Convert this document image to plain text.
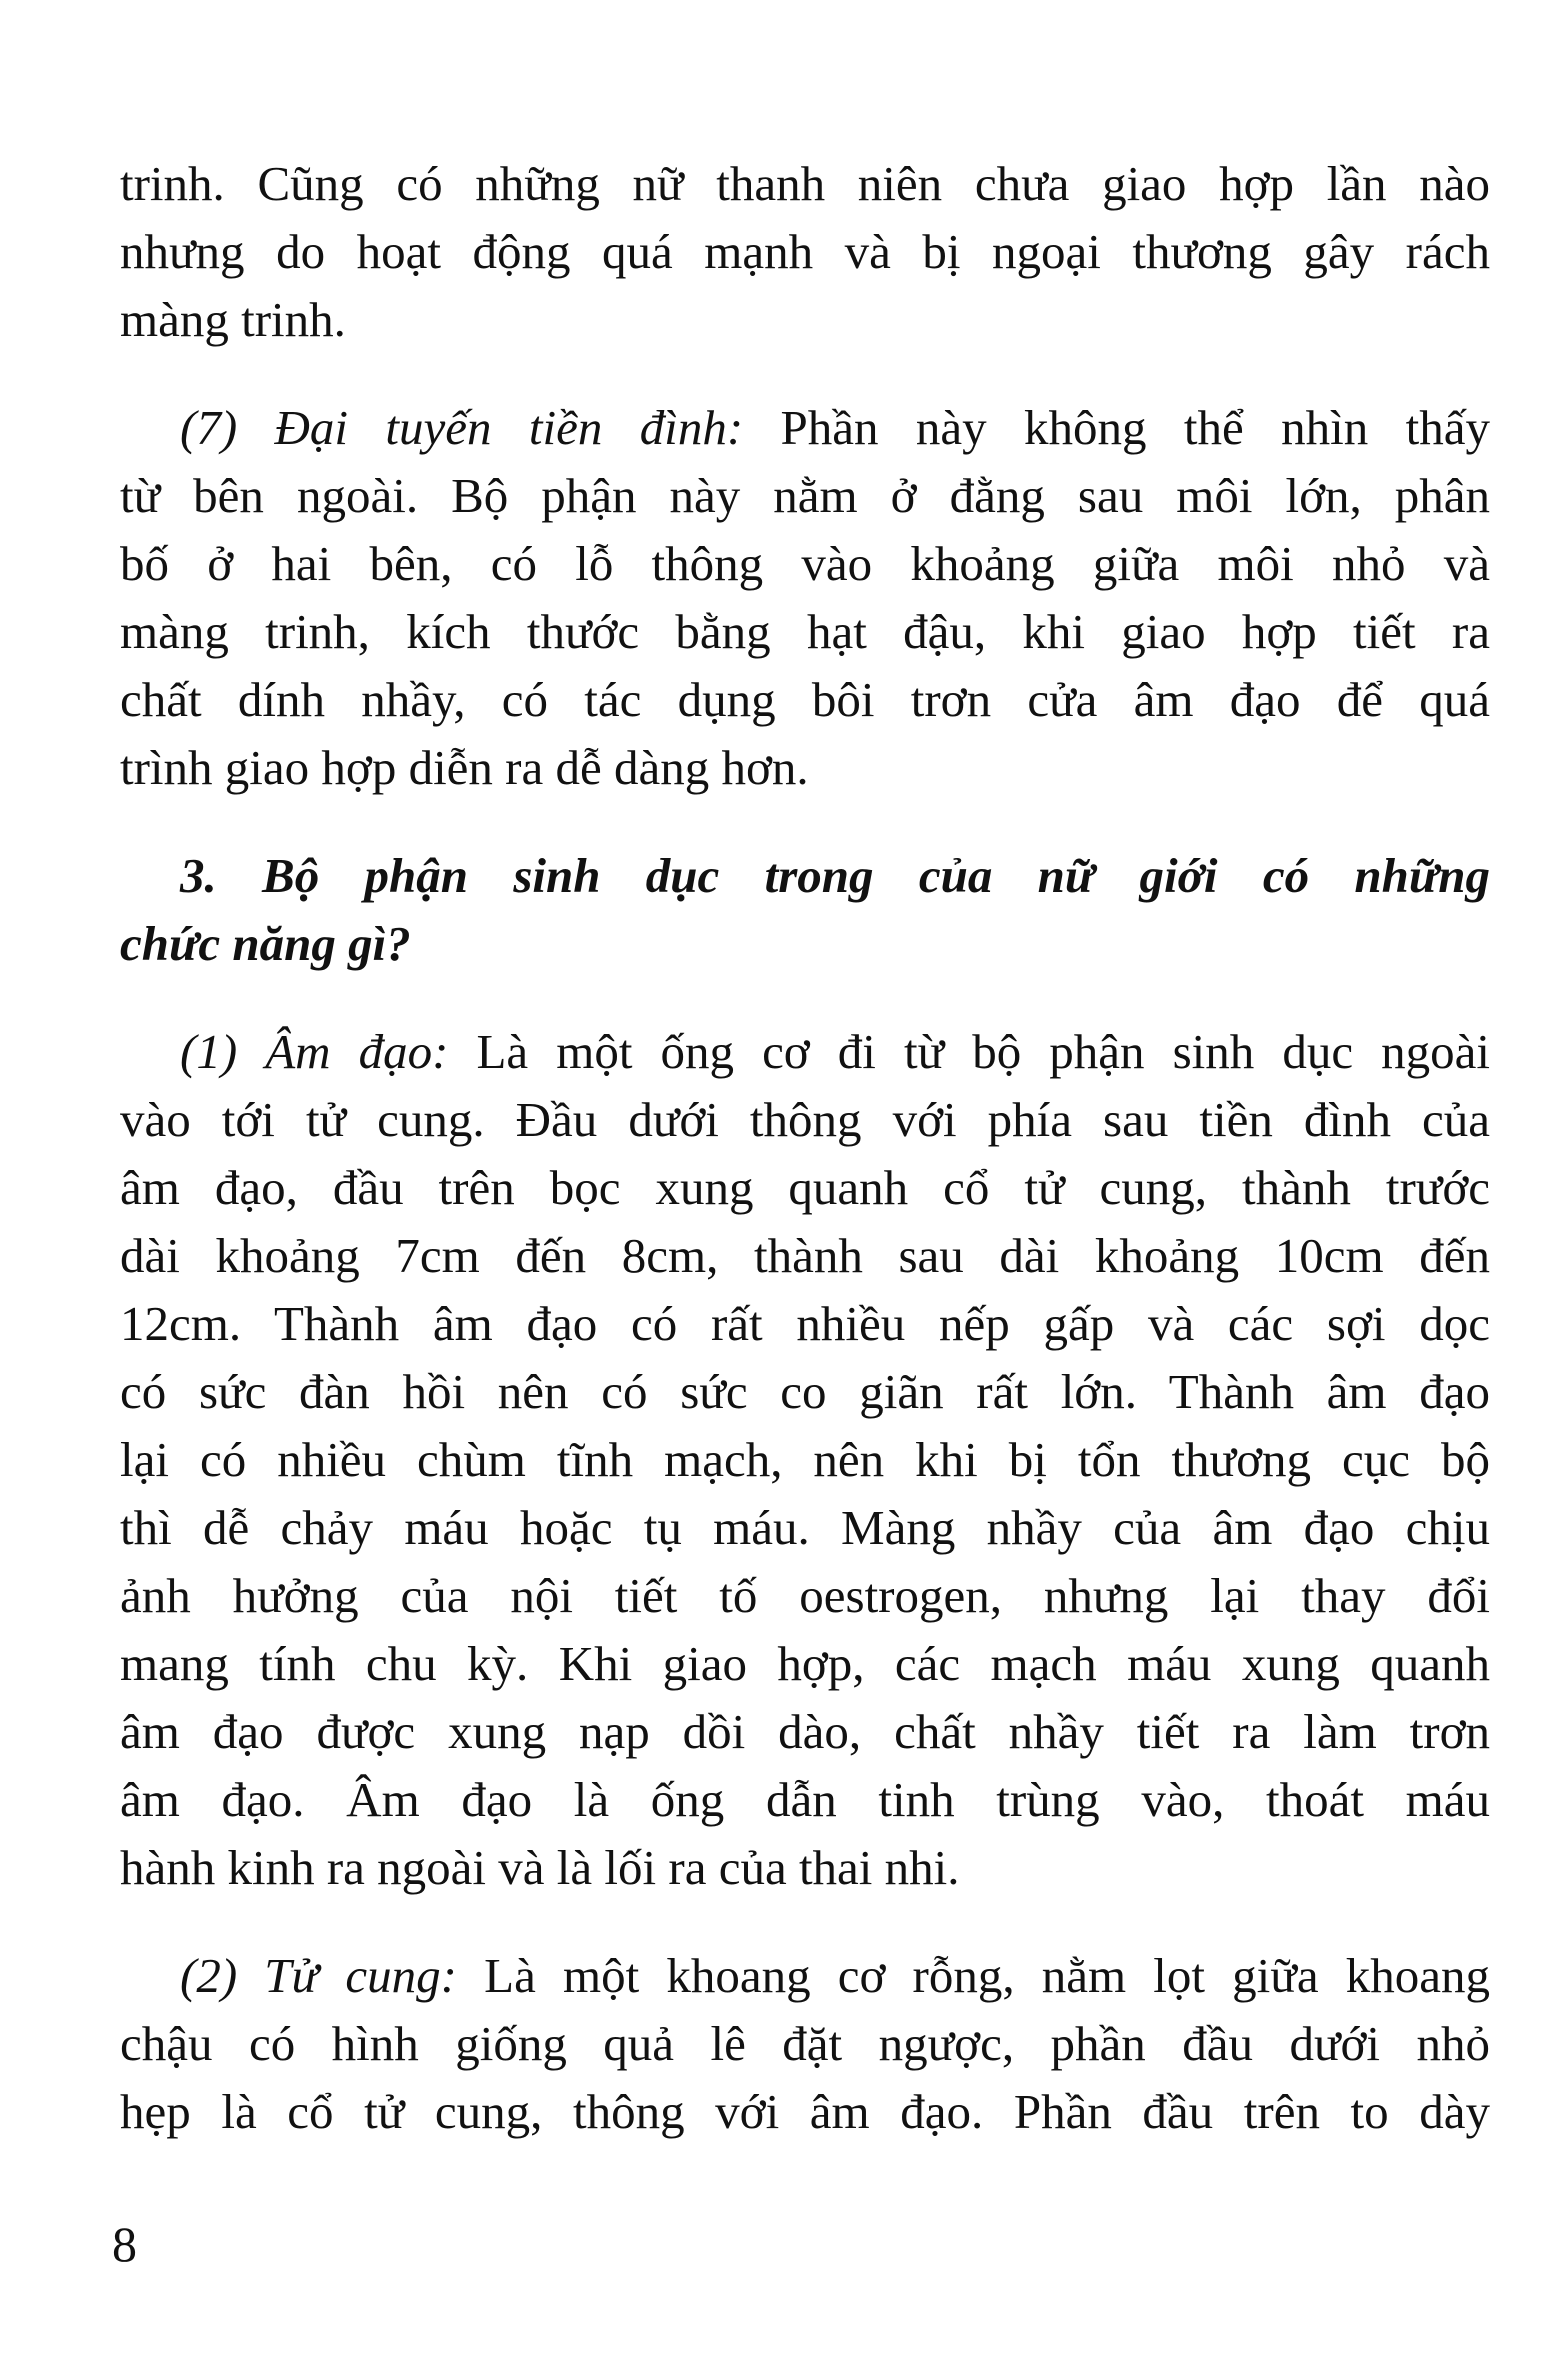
trinh. Cũng có những nữ thanh niên chưa giao hợp lần nào
nhưng do hoạt động quá mạnh và bị ngoại thương gây rách
màng trinh.
(7) Đại tuyến tiền đình: Phần này không thể nhìn thấy
từ bên ngoài. Bộ phận này nằm ở đằng sau môi lớn, phân
bố ở hai bên, có lỗ thông vào khoảng giữa môi nhỏ và
màng trinh, kích thước bằng hạt đậu, khi giao hợp tiết ra
chất dính nhầy, có tác dụng bôi trơn cửa âm đạo để quá
trình giao hợp diễn ra dễ dàng hơn.
3. Bộ phận sinh dục trong của nữ giới có những
chức năng gì?
(1) Âm đạo: Là một ống cơ đi từ bộ phận sinh dục ngoài
vào tới tử cung. Đầu dưới thông với phía sau tiền đình của
âm đạo, đầu trên bọc xung quanh cổ tử cung, thành trước
dài khoảng 7cm đến 8cm, thành sau dài khoảng 10cm đến
12cm. Thành âm đạo có rất nhiều nếp gấp và các sợi dọc
có sức đàn hồi nên có sức co giãn rất lớn. Thành âm đạo
lại có nhiều chùm tĩnh mạch, nên khi bị tổn thương cục bộ
thì dễ chảy máu hoặc tụ máu. Màng nhầy của âm đạo chịu
ảnh hưởng của nội tiết tố oestrogen, nhưng lại thay đổi
mang tính chu kỳ. Khi giao hợp, các mạch máu xung quanh
âm đạo được xung nạp dồi dào, chất nhầy tiết ra làm trơn
âm đạo. Âm đạo là ống dẫn tinh trùng vào, thoát máu
hành kinh ra ngoài và là lối ra của thai nhi.
(2) Tử cung: Là một khoang cơ rỗng, nằm lọt giữa khoang
chậu có hình giống quả lê đặt ngược, phần đầu dưới nhỏ
hẹp là cổ tử cung, thông với âm đạo. Phần đầu trên to dày
8
